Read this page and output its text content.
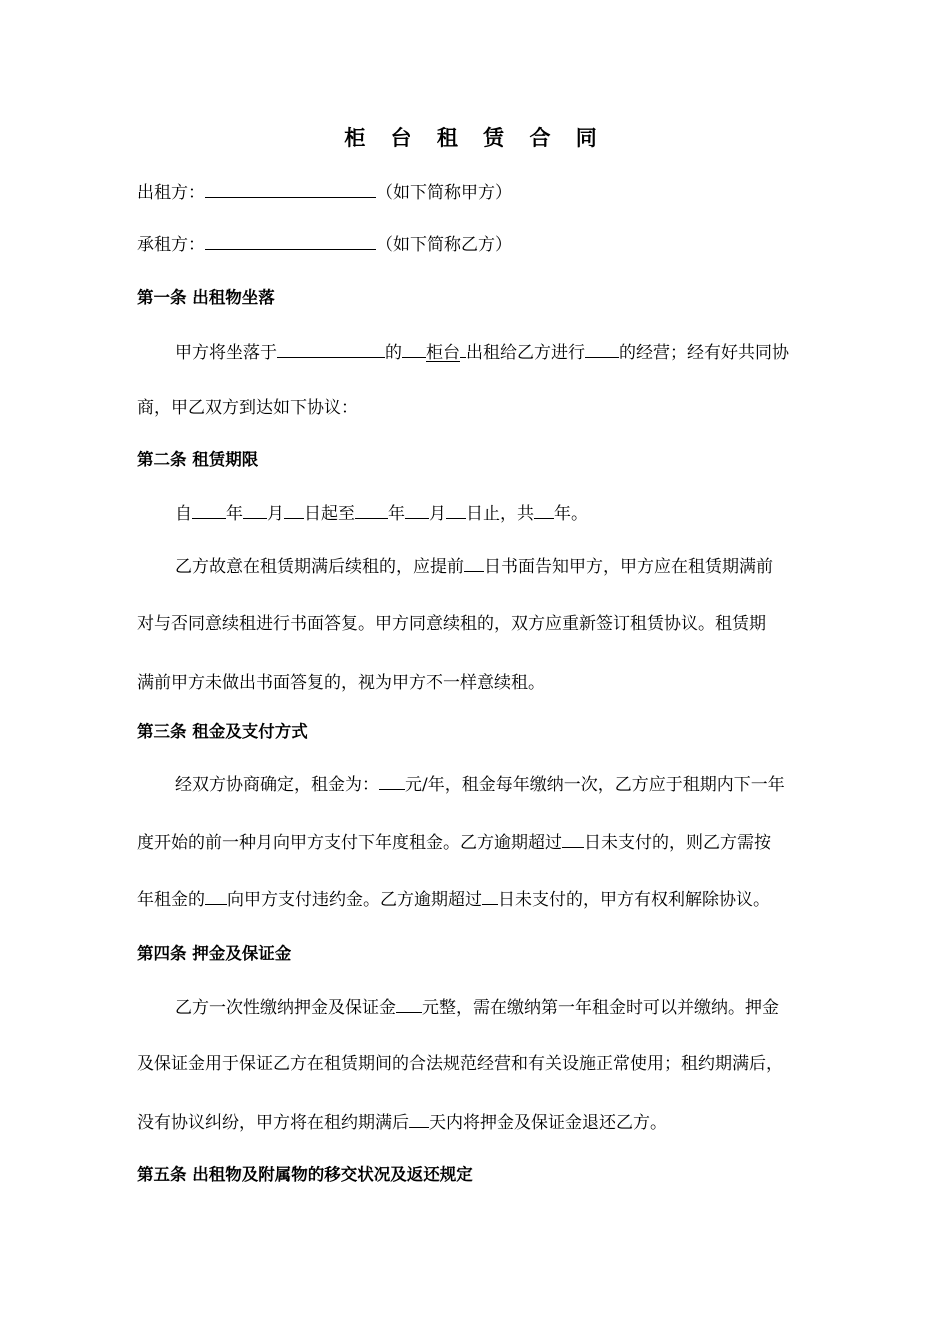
柜 台 租 赁 合 同
出租方：	（如下简称甲方）
承租方：	（如下简称乙方）
第一条 出租物坐落
甲方将坐落于	的 柜台 出租给乙方进行 的经营；经有好共同协
商，甲乙双方到达如下协议：
第二条 租赁期限
自 年 月 日起至 年 月 日止，共 年。
乙方故意在租赁期满后续租的，应提前 日书面告知甲方，甲方应在租赁期满前
对与否同意续租进行书面答复。甲方同意续租的，双方应重新签订租赁协议。租赁期
满前甲方未做出书面答复的，视为甲方不一样意续租。
第三条 租金及支付方式
经双方协商确定，租金为： 元/年，租金每年缴纳一次，乙方应于租期内下一年
度开始的前一种月向甲方支付下年度租金。乙方逾期超过 日未支付的，则乙方需按
年租金的 向甲方支付违约金。乙方逾期超过 日未支付的，甲方有权利解除协议。
第四条 押金及保证金
乙方一次性缴纳押金及保证金 元整，需在缴纳第一年租金时可以并缴纳。押金
及保证金用于保证乙方在租赁期间的合法规范经营和有关设施正常使用；租约期满后，
没有协议纠纷，甲方将在租约期满后 天内将押金及保证金退还乙方。
第五条 出租物及附属物的移交状况及返还规定
